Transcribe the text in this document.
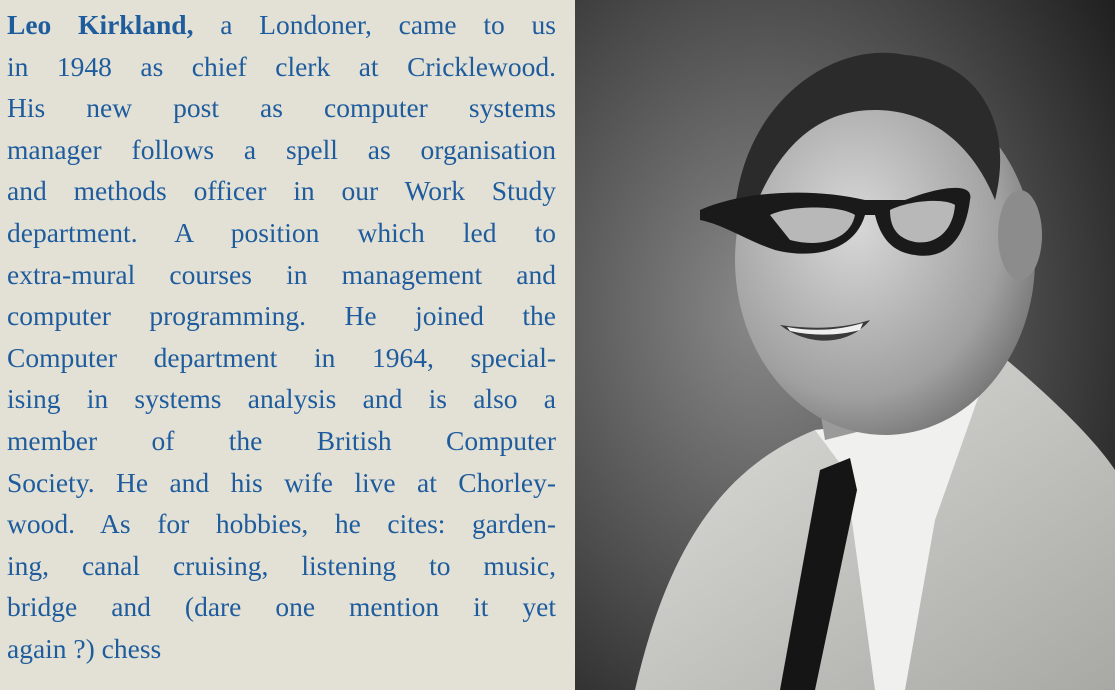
Leo Kirkland, a Londoner, came to us
in 1948 as chief clerk at Cricklewood.
His new post as computer systems
manager follows a spell as organisation
and methods officer in our Work Study
department. A position which led to
extra-mural courses in management and
computer programming. He joined the
Computer department in 1964, special-
ising in systems analysis and is also a
member of the British Computer
Society. He and his wife live at Chorley-
wood. As for hobbies, he cites: garden-
ing, canal cruising, listening to music,
bridge and (dare one mention it yet
again ?) chess
